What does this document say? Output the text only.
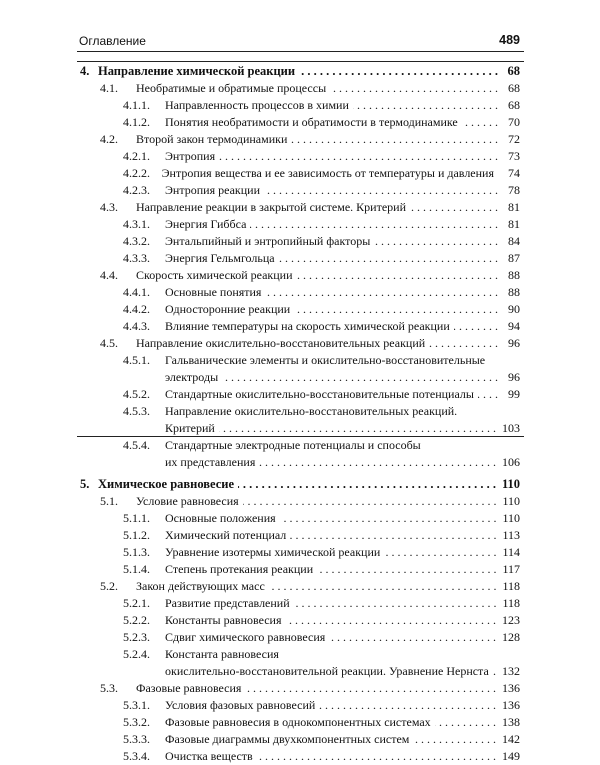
Оглавление	489
4. Направление химической реакции . . .	68
4.1.	Необратимые и обратимые процессы . . .	68
4.1.1.	Направленность процессов в химии . . .	68
4.1.2.	Понятия необратимости и обратимости в термодинамике . . .	70
4.2.	Второй закон термодинамики . . .	72
4.2.1.	Энтропия . . .	73
4.2.2. Энтропия вещества и ее зависимость от температуры и давления	74
4.2.3.	Энтропия реакции . . .	78
4.3.	Направление реакции в закрытой системе. Критерий . . .	81
4.3.1.	Энергия Гиббса . . .	81
4.3.2.	Энтальпийный и энтропийный факторы . . .	84
4.3.3.	Энергия Гельмгольца . . .	87
4.4.	Скорость химической реакции . . .	88
4.4.1.	Основные понятия . . .	88
4.4.2.	Односторонние реакции . . .	90
4.4.3.	Влияние температуры на скорость химической реакции . . .	94
4.5.	Направление окислительно-восстановительных реакций . . .	96
4.5.1.	Гальванические элементы и окислительно-восстановительные
электроды . . .	96
4.5.2.	Стандартные окислительно-восстановительные потенциалы . . .	99
4.5.3.	Направление окислительно-восстановительных реакций.
Критерий . . .	103
4.5.4.	Стандартные электродные потенциалы и способы
их представления . . .	106
5. Химическое равновесие . . .	110
5.1.	Условие равновесия . . .	110
5.1.1.	Основные положения . . .	110
5.1.2.	Химический потенциал . . .	113
5.1.3.	Уравнение изотермы химической реакции . . .	114
5.1.4.	Степень протекания реакции . . .	117
5.2.	Закон действующих масс . . .	118
5.2.1.	Развитие представлений . . .	118
5.2.2.	Константы равновесия . . .	123
5.2.3.	Сдвиг химического равновесия . . .	128
5.2.4.	Константа равновесия
окислительно-восстановительной реакции. Уравнение Нернста . . . 132
5.3.	Фазовые равновесия . . .	136
5.3.1.	Условия фазовых равновесий . . .	136
5.3.2.	Фазовые равновесия в однокомпонентных системах . . .	138
5.3.3.	Фазовые диаграммы двухкомпонентных систем . . .	142
5.3.4.	Очистка веществ . . .	149
